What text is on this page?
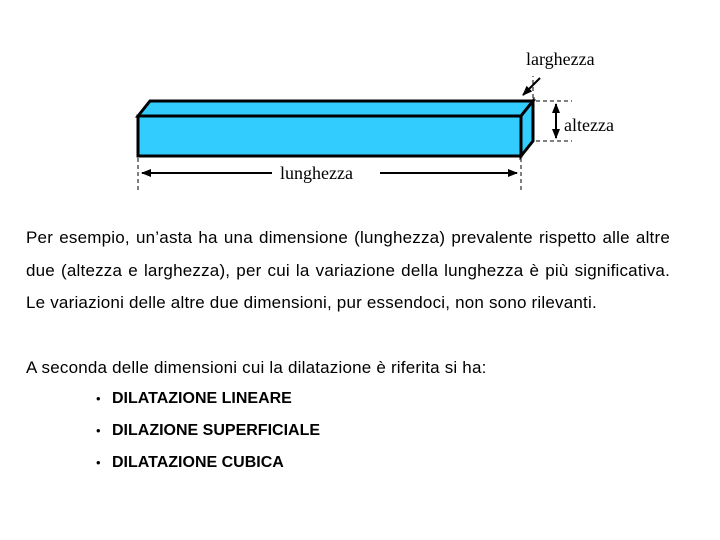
larghezza
altezza
lunghezza

Per esempio, un’asta ha una dimensione (lunghezza) prevalente rispetto alle altre due (altezza e larghezza), per cui la variazione della lunghezza è più significativa. Le variazioni delle altre due dimensioni, pur essendoci, non sono rilevanti.

A seconda delle dimensioni cui la dilatazione è riferita si ha:

• DILATAZIONE LINEARE
• DILAZIONE SUPERFICIALE
• DILATAZIONE CUBICA
